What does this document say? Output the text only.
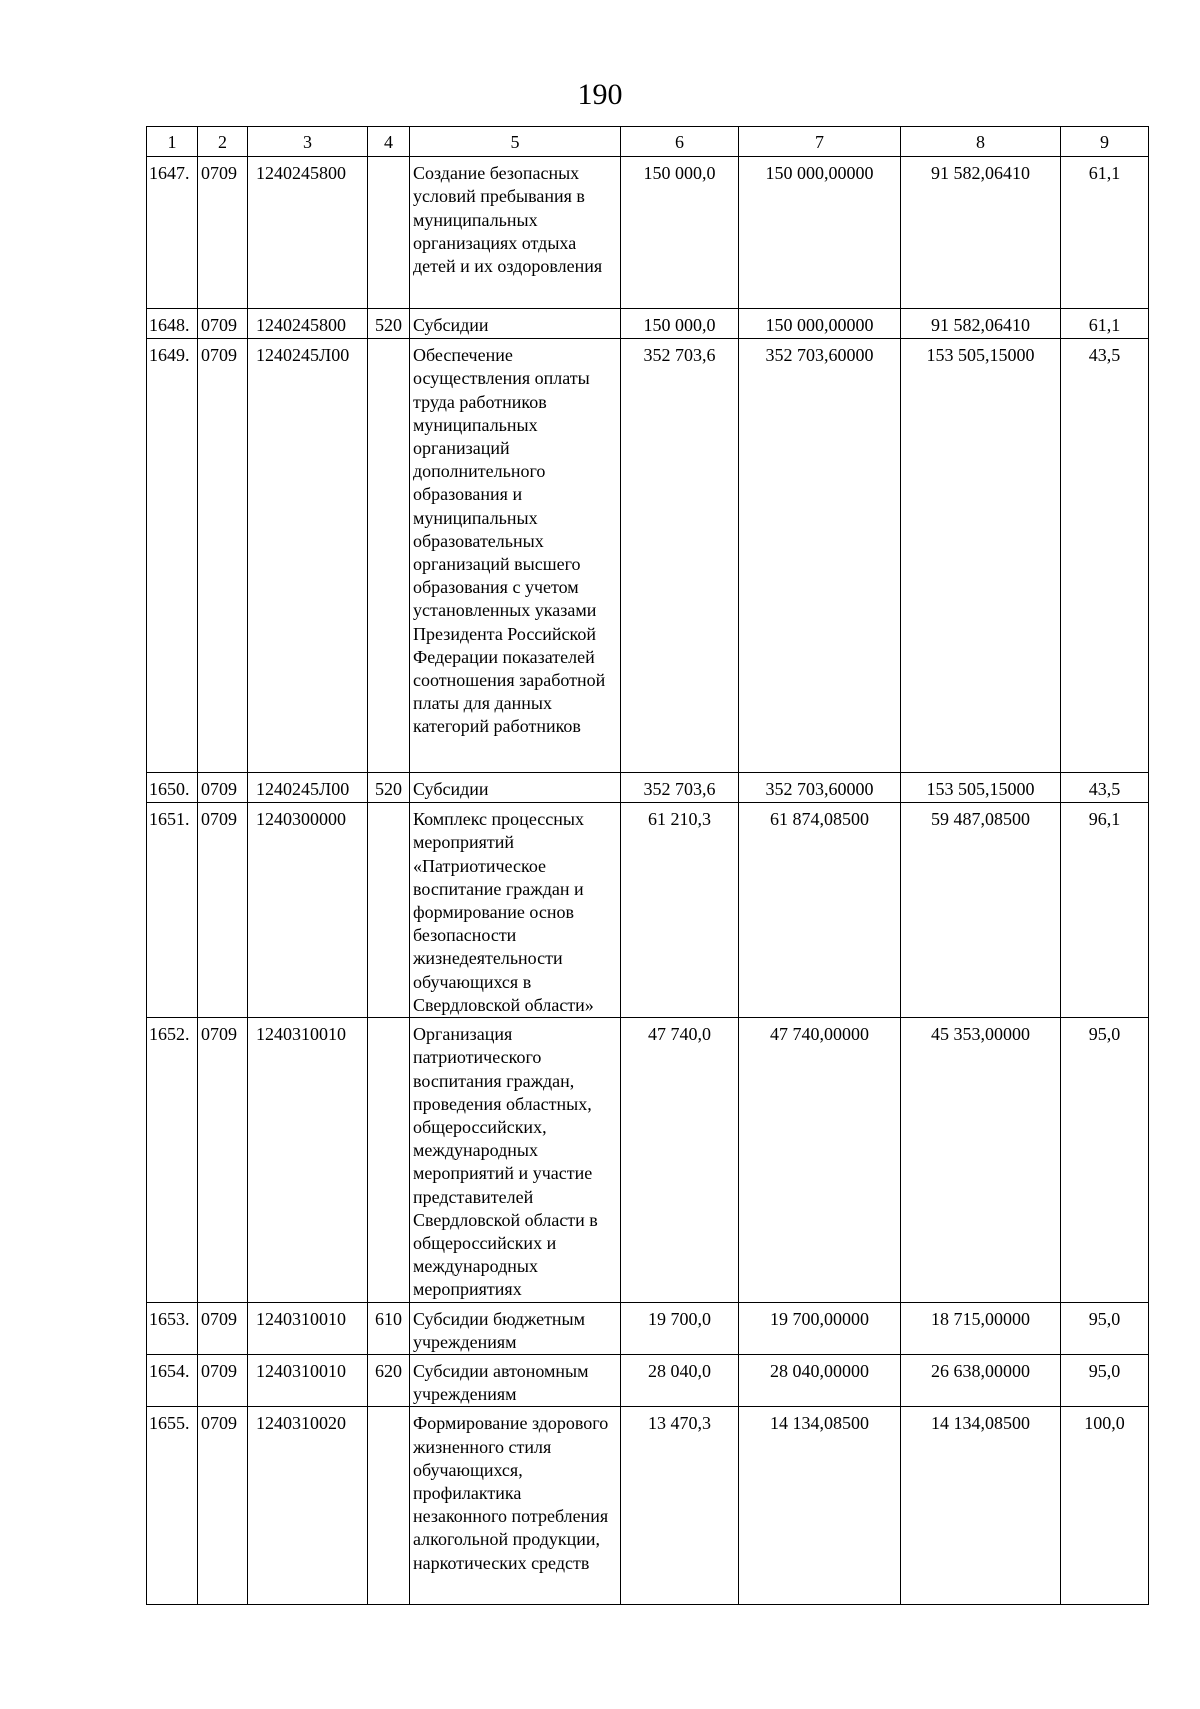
190
1	2	3	4	5	6	7	8	9
1647.	0709	1240245800		Создание безопасных условий пребывания в муниципальных организациях отдыха детей и их оздоровления	150 000,0	150 000,00000	91 582,06410	61,1
1648.	0709	1240245800	520	Субсидии	150 000,0	150 000,00000	91 582,06410	61,1
1649.	0709	1240245Л00		Обеспечение осуществления оплаты труда работников муниципальных организаций дополнительного образования и муниципальных образовательных организаций высшего образования с учетом установленных указами Президента Российской Федерации показателей соотношения заработной платы для данных категорий работников	352 703,6	352 703,60000	153 505,15000	43,5
1650.	0709	1240245Л00	520	Субсидии	352 703,6	352 703,60000	153 505,15000	43,5
1651.	0709	1240300000		Комплекс процессных мероприятий «Патриотическое воспитание граждан и формирование основ безопасности жизнедеятельности обучающихся в Свердловской области»	61 210,3	61 874,08500	59 487,08500	96,1
1652.	0709	1240310010		Организация патриотического воспитания граждан, проведения областных, общероссийских, международных мероприятий и участие представителей Свердловской области в общероссийских и международных мероприятиях	47 740,0	47 740,00000	45 353,00000	95,0
1653.	0709	1240310010	610	Субсидии бюджетным учреждениям	19 700,0	19 700,00000	18 715,00000	95,0
1654.	0709	1240310010	620	Субсидии автономным учреждениям	28 040,0	28 040,00000	26 638,00000	95,0
1655.	0709	1240310020		Формирование здорового жизненного стиля обучающихся, профилактика незаконного потребления алкогольной продукции, наркотических средств	13 470,3	14 134,08500	14 134,08500	100,0
